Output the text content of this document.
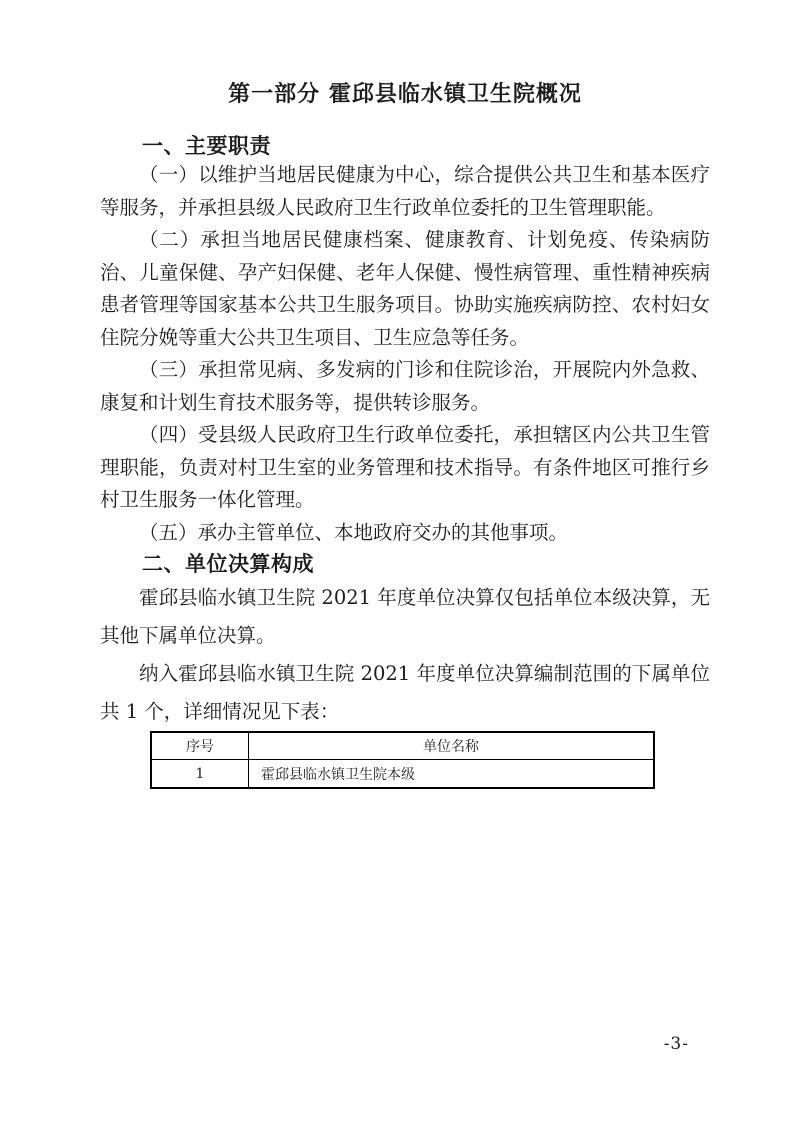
第一部分 霍邱县临水镇卫生院概况
一、主要职责

（一）以维护当地居民健康为中心，综合提供公共卫生和基本医疗等服务，并承担县级人民政府卫生行政单位委托的卫生管理职能。

（二）承担当地居民健康档案、健康教育、计划免疫、传染病防治、儿童保健、孕产妇保健、老年人保健、慢性病管理、重性精神疾病患者管理等国家基本公共卫生服务项目。协助实施疾病防控、农村妇女住院分娩等重大公共卫生项目、卫生应急等任务。

（三）承担常见病、多发病的门诊和住院诊治，开展院内外急救、康复和计划生育技术服务等，提供转诊服务。

（四）受县级人民政府卫生行政单位委托，承担辖区内公共卫生管理职能，负责对村卫生室的业务管理和技术指导。有条件地区可推行乡村卫生服务一体化管理。

（五）承办主管单位、本地政府交办的其他事项。

二、单位决算构成

霍邱县临水镇卫生院 2021 年度单位决算仅包括单位本级决算，无其他下属单位决算。

纳入霍邱县临水镇卫生院 2021 年度单位决算编制范围的下属单位共 1 个，详细情况见下表：

序号	单位名称
1	霍邱县临水镇卫生院本级
-3-
